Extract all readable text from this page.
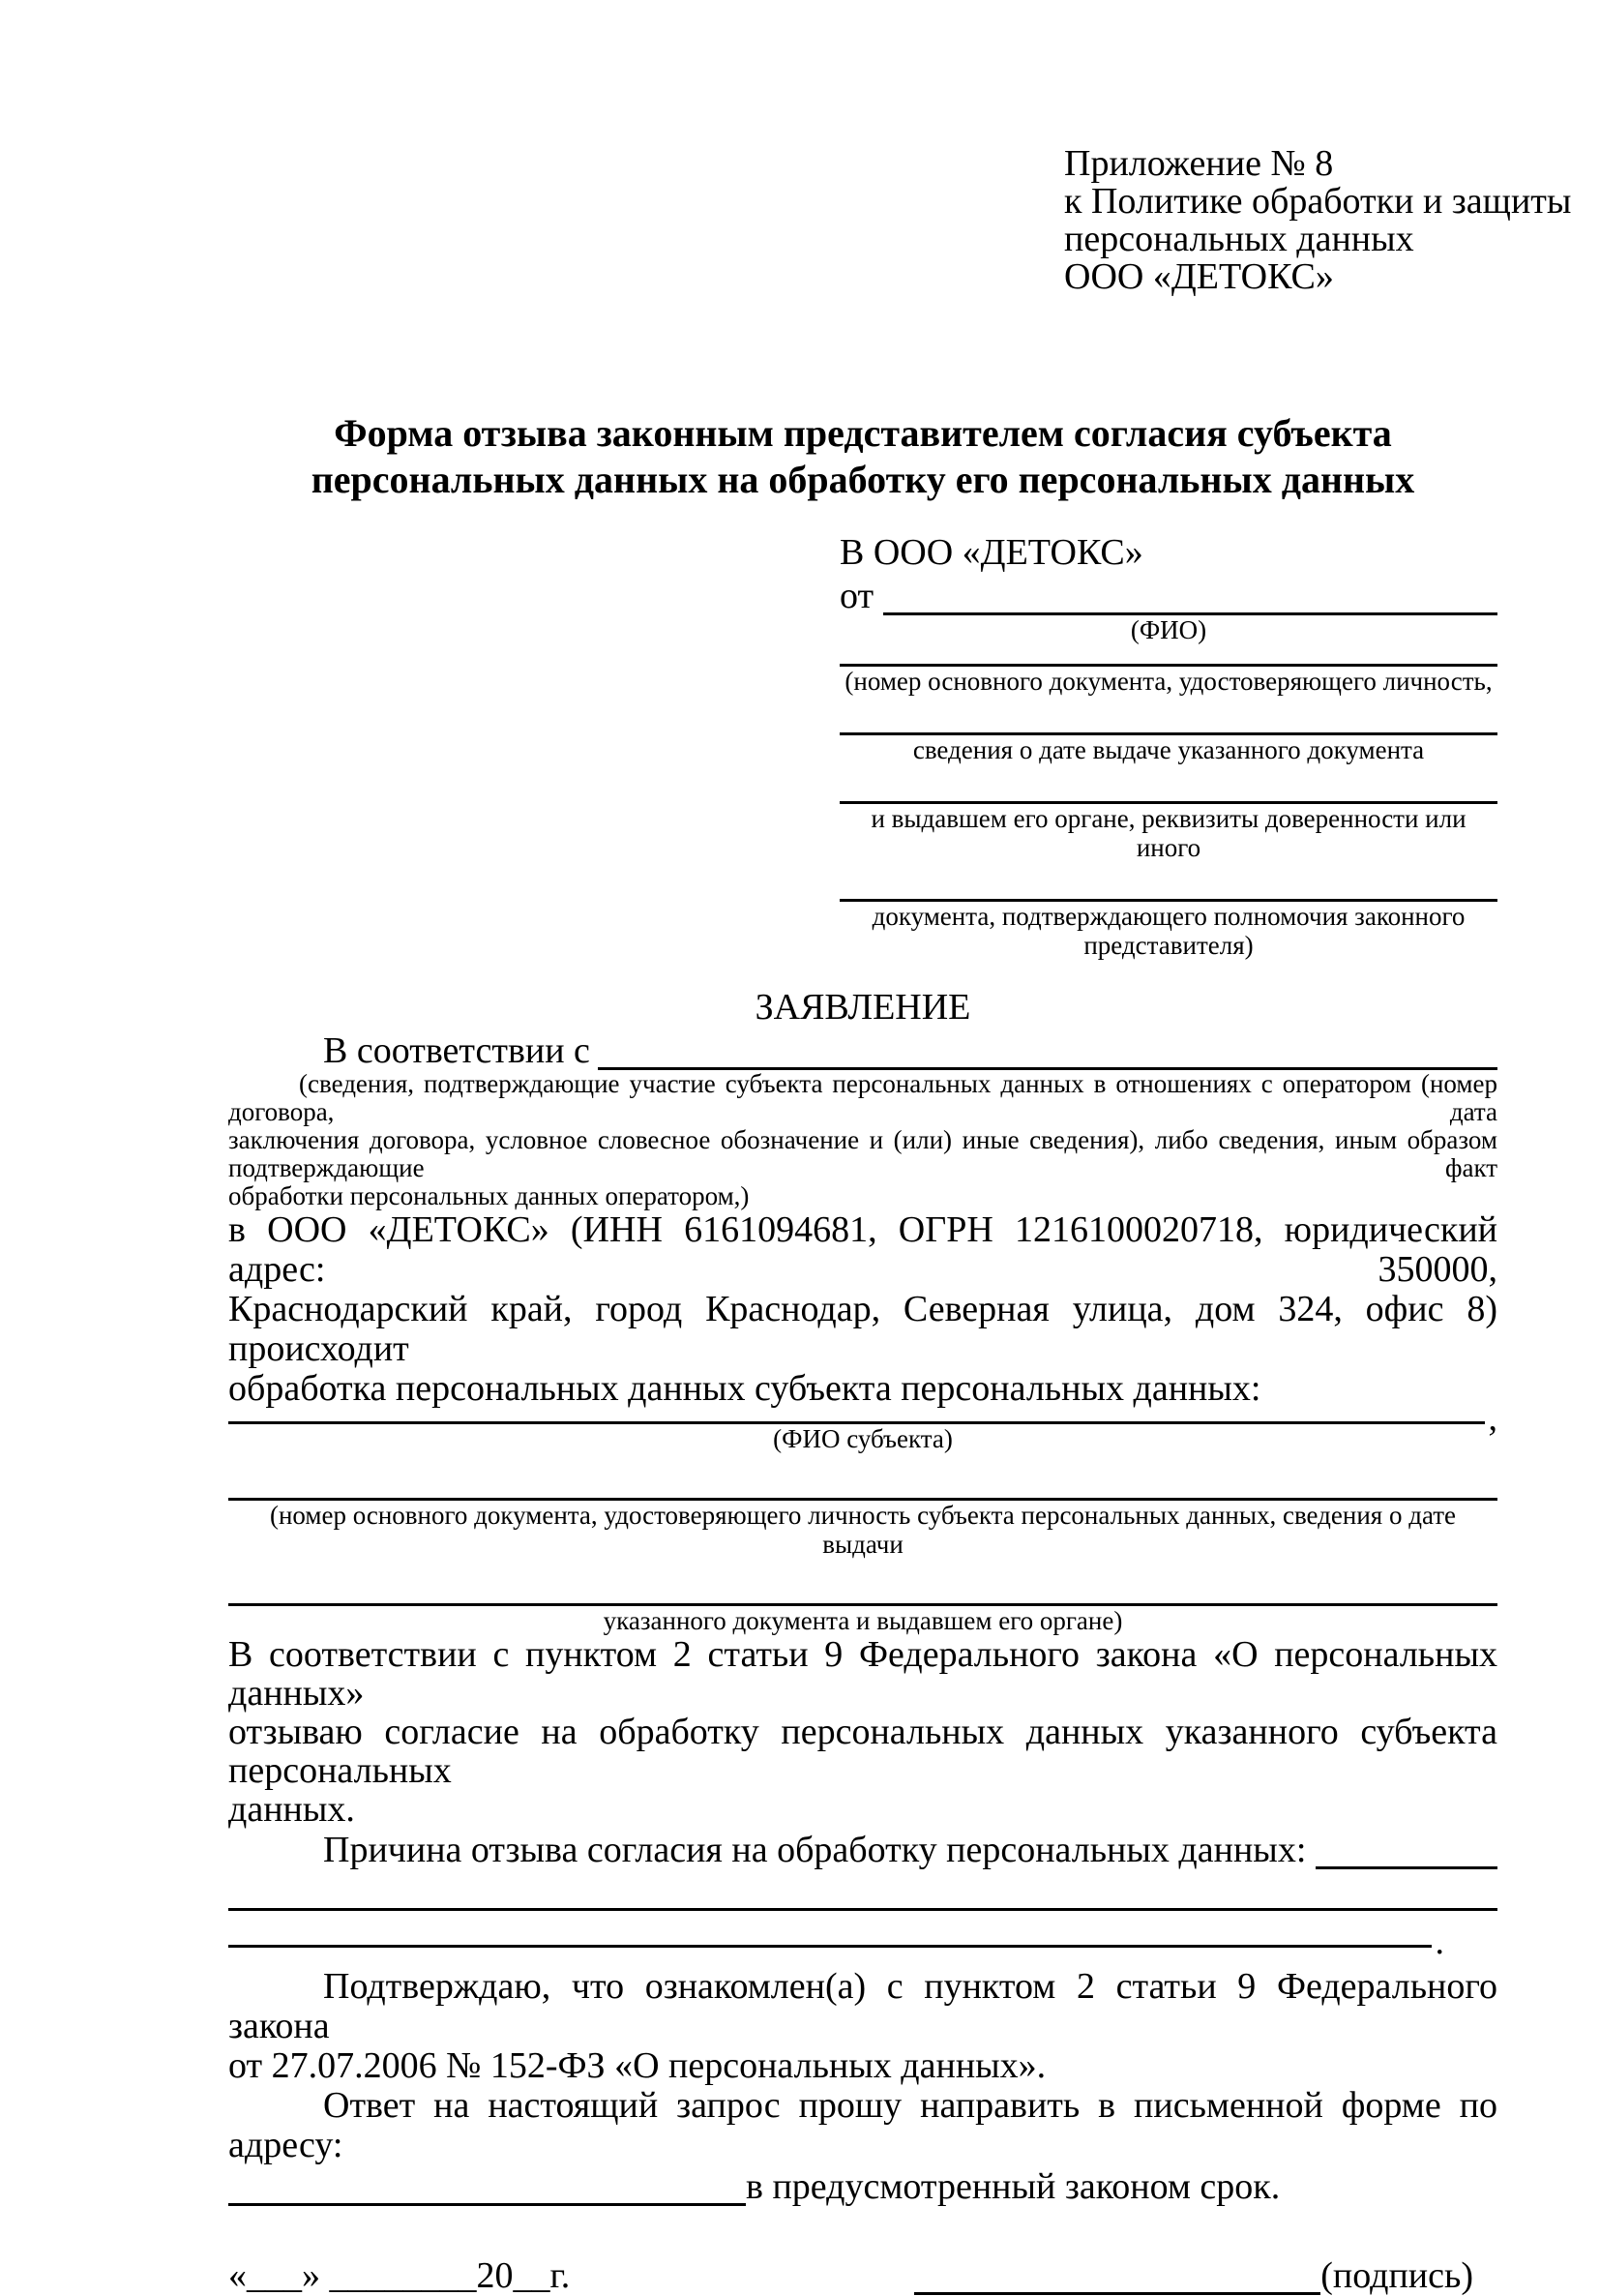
Приложение № 8
к Политике обработки и защиты
персональных данных
ООО «ДЕТОКС»
Форма отзыва законным представителем согласия субъекта
персональных данных на обработку его персональных данных
В ООО «ДЕТОКС»
от
(ФИО)
(номер основного документа, удостоверяющего личность,
сведения о дате выдаче указанного документа
и выдавшем его органе, реквизиты доверенности или иного
документа, подтверждающего полномочия законного представителя)
ЗАЯВЛЕНИЕ
В соответствии с
(сведения, подтверждающие участие субъекта персональных данных в отношениях с оператором (номер договора, дата
заключения договора, условное словесное обозначение и (или) иные сведения), либо сведения, иным образом подтверждающие факт
обработки персональных данных оператором,)
в ООО «ДЕТОКС» (ИНН 6161094681, ОГРН 1216100020718, юридический адрес: 350000,
Краснодарский край, город Краснодар, Северная улица, дом 324, офис 8) происходит
обработка персональных данных субъекта персональных данных:
,
(ФИО субъекта)
(номер основного документа, удостоверяющего личность субъекта персональных данных, сведения о дате выдачи
указанного документа и выдавшем его органе)
В соответствии с пунктом 2 статьи 9 Федерального закона «О персональных данных»
отзываю согласие на обработку персональных данных указанного субъекта персональных
данных.
Причина отзыва согласия на обработку персональных данных:
.
Подтверждаю, что ознакомлен(а) с пунктом 2 статьи 9 Федерального закона
от 27.07.2006 № 152-ФЗ «О персональных данных».
Ответ на настоящий запрос прошу направить в письменной форме по адресу:
в предусмотренный законом срок.
«___» ________20__г.	(подпись)
